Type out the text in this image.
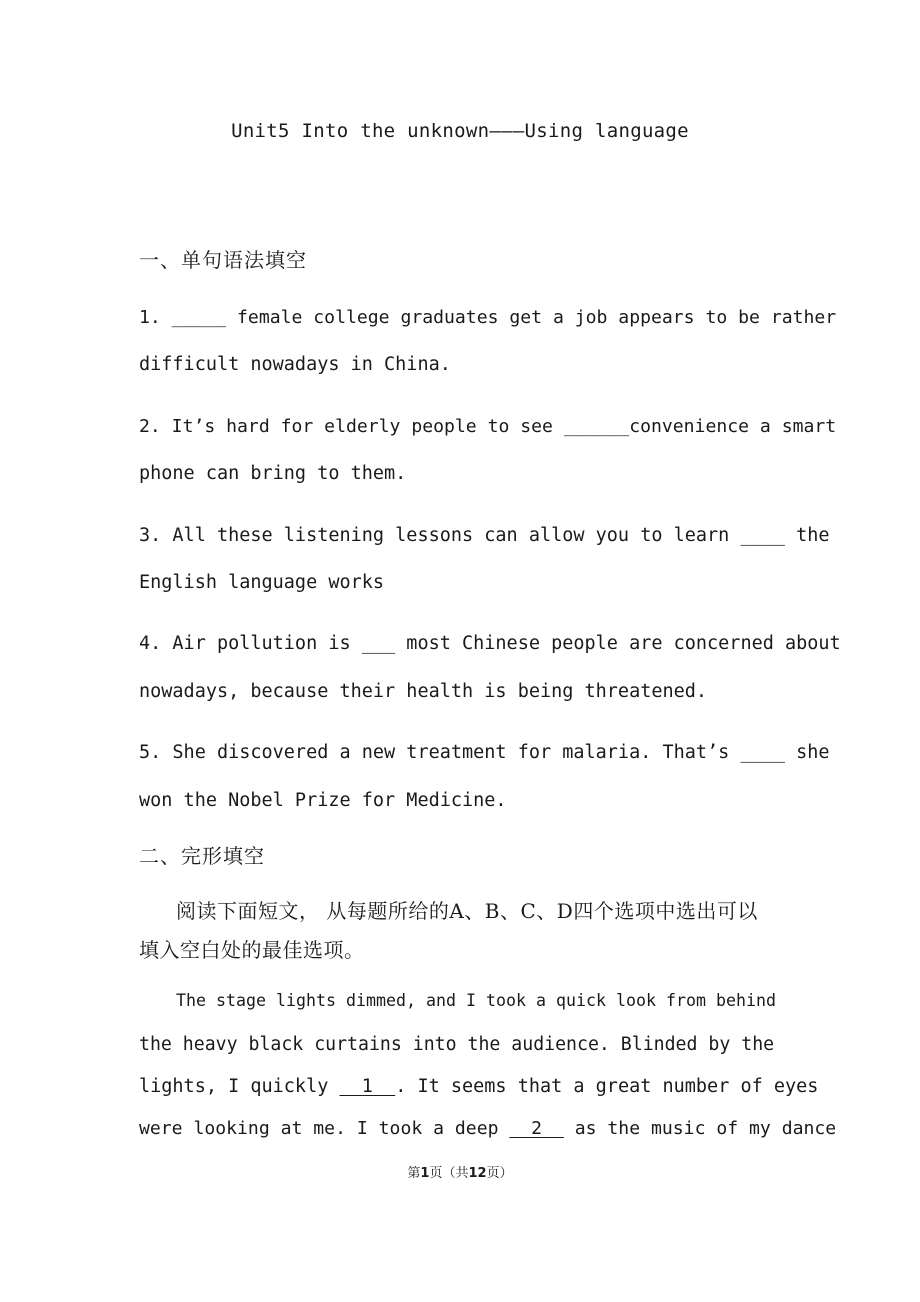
Unit5 Into the unknown———Using language
一、单句语法填空
1. _____ female college graduates get a job appears to be rather
difficult nowadays in China.
2. It’s hard for elderly people to see ______convenience a smart
phone can bring to them.
3. All these listening lessons can allow you to learn ____ the
English language works
4. Air pollution is ___ most Chinese people are concerned about
nowadays, because their health is being threatened.
5. She discovered a new treatment for malaria. That’s ____ she
won the Nobel Prize for Medicine.
二、完形填空
阅读下面短文， 从每题所给的A、B、C、D四个选项中选出可以
填入空白处的最佳选项。
The stage lights dimmed, and I took a quick look from behind
the heavy black curtains into the audience. Blinded by the
lights, I quickly   1  . It seems that a great number of eyes
were looking at me. I took a deep   2   as the music of my dance
第1页（共12页）
